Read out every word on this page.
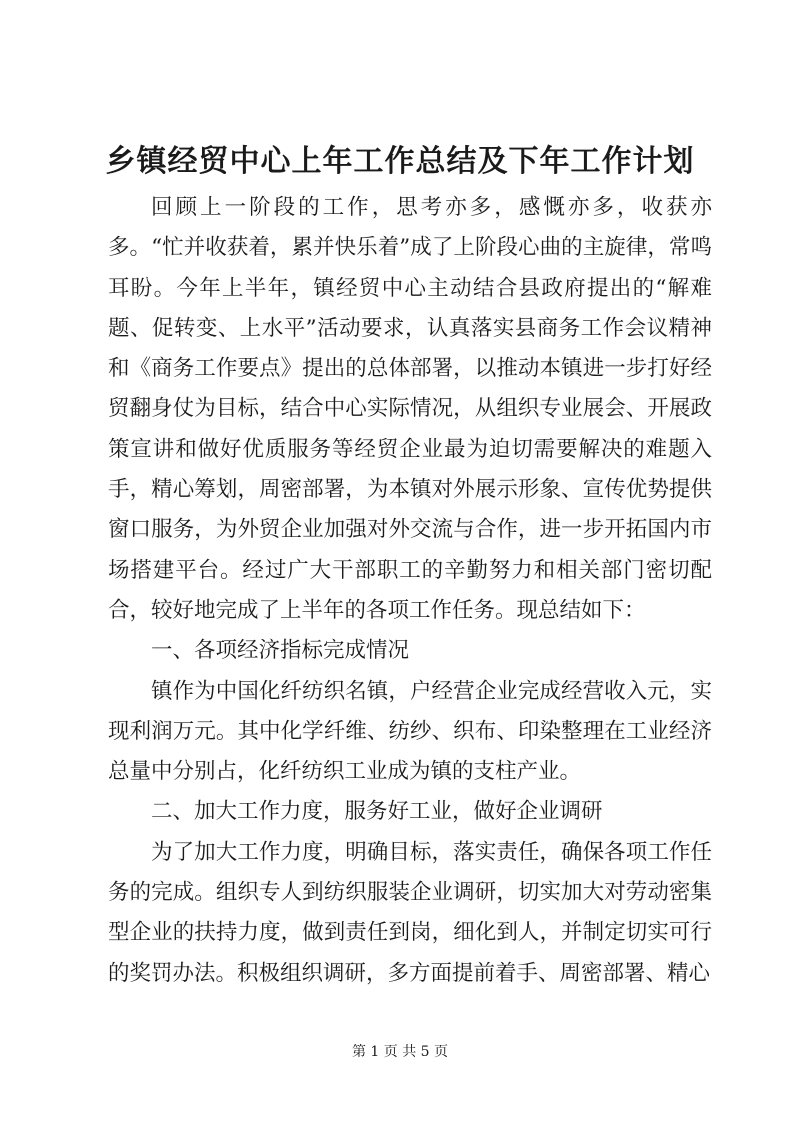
乡镇经贸中心上年工作总结及下年工作计划

回顾上一阶段的工作，思考亦多，感慨亦多，收获亦多。“忙并收获着，累并快乐着”成了上阶段心曲的主旋律，常鸣耳盼。今年上半年，镇经贸中心主动结合县政府提出的“解难题、促转变、上水平”活动要求，认真落实县商务工作会议精神和《商务工作要点》提出的总体部署，以推动本镇进一步打好经贸翻身仗为目标，结合中心实际情况，从组织专业展会、开展政策宣讲和做好优质服务等经贸企业最为迫切需要解决的难题入手，精心筹划，周密部署，为本镇对外展示形象、宣传优势提供窗口服务，为外贸企业加强对外交流与合作，进一步开拓国内市场搭建平台。经过广大干部职工的辛勤努力和相关部门密切配合，较好地完成了上半年的各项工作任务。现总结如下：

一、各项经济指标完成情况

镇作为中国化纤纺织名镇，户经营企业完成经营收入元，实现利润万元。其中化学纤维、纺纱、织布、印染整理在工业经济总量中分别占，化纤纺织工业成为镇的支柱产业。

二、加大工作力度，服务好工业，做好企业调研

为了加大工作力度，明确目标，落实责任，确保各项工作任务的完成。组织专人到纺织服装企业调研，切实加大对劳动密集型企业的扶持力度，做到责任到岗，细化到人，并制定切实可行的奖罚办法。积极组织调研，多方面提前着手、周密部署、精心

第 1 页 共 5 页
